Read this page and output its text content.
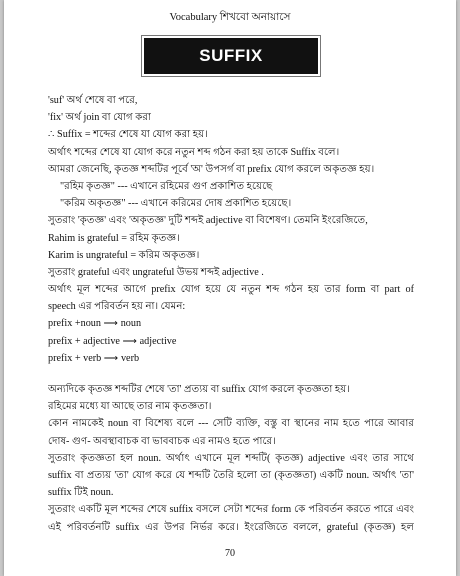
Vocabulary শিখবো অনায়াসে
SUFFIX
'suf' অর্থ শেষে বা পরে,
'fix' অর্থ join বা যোগ করা
∴ Suffix = শব্দের শেষে যা যোগ করা হয়।
অর্থাৎ শব্দের শেষে যা যোগ করে নতুন শব্দ গঠন করা হয় তাকে Suffix বলে।
আমরা জেনেছি, কৃতজ্ঞ শব্দটির পূর্বে 'অ' উপসর্গ বা prefix যোগ করলে অকৃতজ্ঞ হয়।
"রহিম কৃতজ্ঞ" --- এখানে রহিমের গুণ প্রকাশিত হয়েছে
"করিম অকৃতজ্ঞ" --- এখানে করিমের দোষ প্রকাশিত হয়েছে।
সুতরাং 'কৃতজ্ঞ' এবং 'অকৃতজ্ঞ' দুটি শব্দই adjective বা বিশেষণ। তেমনি ইংরেজিতে,
Rahim is grateful = রহিম কৃতজ্ঞ।
Karim is ungrateful = করিম অকৃতজ্ঞ।
সুতরাং grateful এবং ungrateful উভয় শব্দই adjective .
অর্থাৎ মূল শব্দের আগে prefix যোগ হয়ে যে নতুন শব্দ গঠন হয় তার form বা part of
speech এর পরিবর্তন হয় না। যেমন:
prefix +noun ⟶ noun
prefix + adjective ⟶ adjective
prefix + verb ⟶ verb
অন্যদিকে কৃতজ্ঞ শব্দটির শেষে 'তা' প্রত্যয় বা suffix যোগ করলে কৃতজ্ঞতা হয়।
রহিমের মধ্যে যা আছে তার নাম কৃতজ্ঞতা।
কোন নামকেই noun বা বিশেষ্য বলে --- সেটি ব্যক্তি, বস্তু বা স্থানের নাম হতে পারে আবার
দোষ- গুণ- অবস্থাবাচক বা ভাববাচক এর নামও হতে পারে।
সুতরাং কৃতজ্ঞতা হল noun. অর্থাৎ এখানে মূল শব্দটি( কৃতজ্ঞ) adjective এবং তার সাথে
suffix বা প্রত্যয় 'তা' যোগ করে যে শব্দটি তৈরি হলো তা (কৃতজ্ঞতা) একটি noun. অর্থাৎ 'তা'
suffix টিই noun.
সুতরাং একটি মূল শব্দের শেষে suffix বসলে সেটা শব্দের form কে পরিবর্তন করতে পারে এবং
এই পরিবর্তনটি suffix এর উপর নির্ভর করে। ইংরেজিতে বললে, grateful (কৃতজ্ঞ) হল
70
